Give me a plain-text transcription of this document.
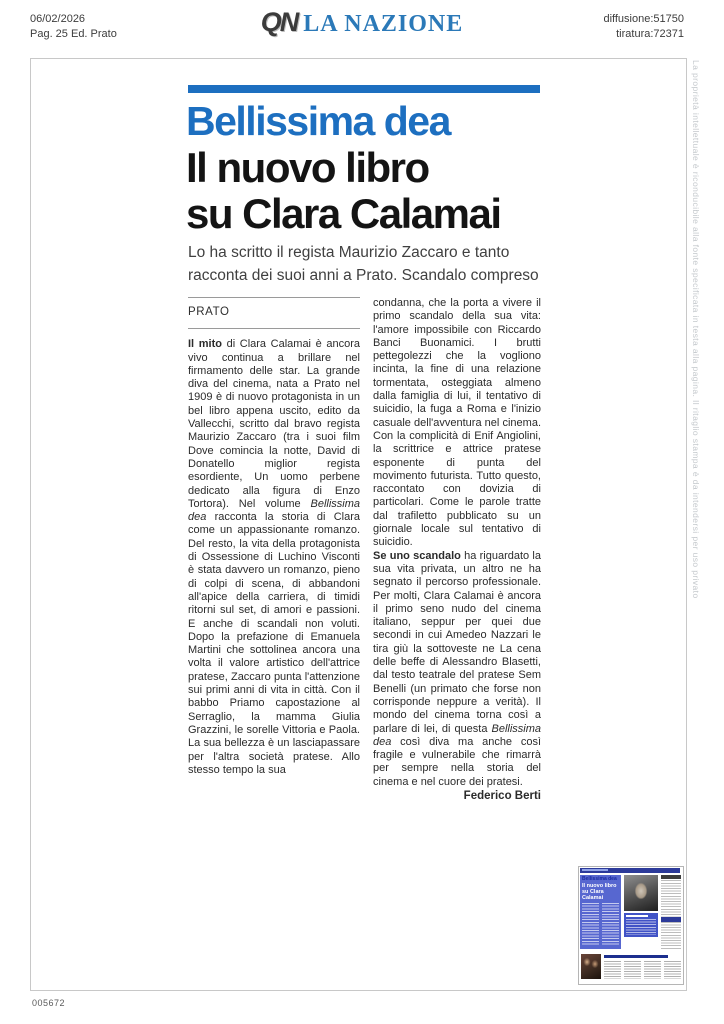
06/02/2026
Pag. 25 Ed. Prato	QN LA NAZIONE	diffusione:51750
tiratura:72371
Bellissima dea
Il nuovo libro
su Clara Calamai
Lo ha scritto il regista Maurizio Zaccaro e tanto
racconta dei suoi anni a Prato. Scandalo compreso
PRATO

Il mito di Clara Calamai è ancora vivo continua a brillare nel firmamento delle star. La grande diva del cinema, nata a Prato nel 1909 è di nuovo protagonista in un bel libro appena uscito, edito da Vallecchi, scritto dal bravo regista Maurizio Zaccaro (tra i suoi film Dove comincia la notte, David di Donatello miglior regista esordiente, Un uomo perbene dedicato alla figura di Enzo Tortora). Nel volume Bellissima dea racconta la storia di Clara come un appassionante romanzo. Del resto, la vita della protagonista di Ossessione di Luchino Visconti è stata davvero un romanzo, pieno di colpi di scena, di abbandoni all'apice della carriera, di timidi ritorni sul set, di amori e passioni. E anche di scandali non voluti. Dopo la prefazione di Emanuela Martini che sottolinea ancora una volta il valore artistico dell'attrice pratese, Zaccaro punta l'attenzione sui primi anni di vita in città. Con il babbo Priamo capostazione al Serraglio, la mamma Giulia Grazzini, le sorelle Vittoria e Paola. La sua bellezza è un lasciapassare per l'altra società pratese. Allo stesso tempo la sua

condanna, che la porta a vivere il primo scandalo della sua vita: l'amore impossibile con Riccardo Banci Buonamici. I brutti pettegolezzi che la vogliono incinta, la fine di una relazione tormentata, osteggiata almeno dalla famiglia di lui, il tentativo di suicidio, la fuga a Roma e l'inizio casuale dell'avventura nel cinema. Con la complicità di Enif Angiolini, la scrittrice e attrice pratese esponente di punta del movimento futurista. Tutto questo, raccontato con dovizia di particolari. Come le parole tratte dal trafiletto pubblicato su un giornale locale sul tentativo di suicidio.

Se uno scandalo ha riguardato la sua vita privata, un altro ne ha segnato il percorso professionale. Per molti, Clara Calamai è ancora il primo seno nudo del cinema italiano, seppur per quei due secondi in cui Amedeo Nazzari le tira giù la sottoveste ne La cena delle beffe di Alessandro Blasetti, dal testo teatrale del pratese Sem Benelli (un primato che forse non corrisponde neppure a verità). Il mondo del cinema torna così a parlare di lei, di questa Bellissima dea così diva ma anche così fragile e vulnerabile che rimarrà per sempre nella storia del cinema e nel cuore dei pratesi.

Federico Berti
La proprietà intellettuale è riconducibile alla fonte specificata in testa alla pagina. Il ritaglio stampa è da intendersi per uso privato
005672
Bellissima dea
Il nuovo libro su Clara Calamai
